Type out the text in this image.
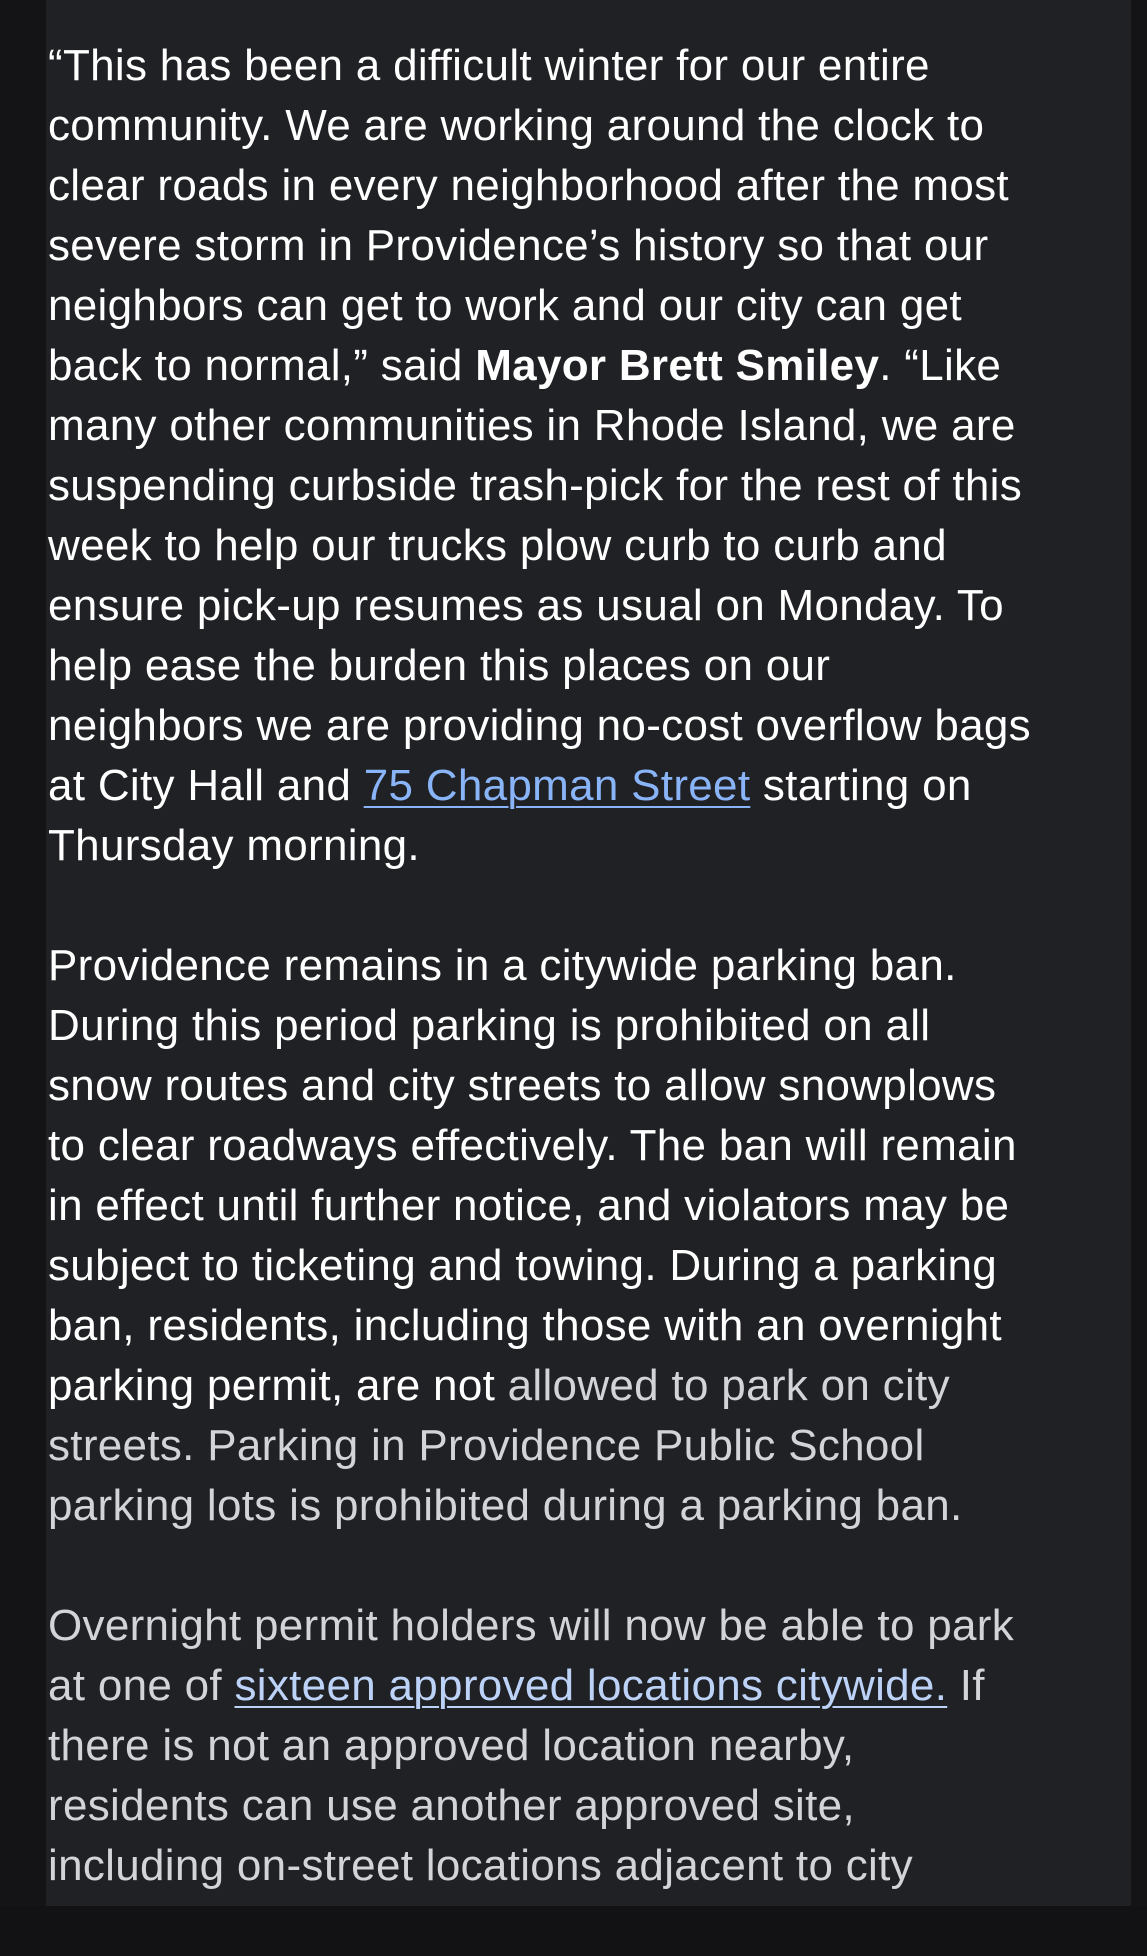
“This has been a difficult winter for our entire
community. We are working around the clock to
clear roads in every neighborhood after the most
severe storm in Providence’s history so that our
neighbors can get to work and our city can get
back to normal,” said Mayor Brett Smiley. “Like
many other communities in Rhode Island, we are
suspending curbside trash-pick for the rest of this
week to help our trucks plow curb to curb and
ensure pick-up resumes as usual on Monday. To
help ease the burden this places on our
neighbors we are providing no-cost overflow bags
at City Hall and 75 Chapman Street starting on
Thursday morning.

Providence remains in a citywide parking ban.
During this period parking is prohibited on all
snow routes and city streets to allow snowplows
to clear roadways effectively. The ban will remain
in effect until further notice, and violators may be
subject to ticketing and towing. During a parking
ban, residents, including those with an overnight
parking permit, are not allowed to park on city
streets. Parking in Providence Public School
parking lots is prohibited during a parking ban.

Overnight permit holders will now be able to park
at one of sixteen approved locations citywide. If
there is not an approved location nearby,
residents can use another approved site,
including on-street locations adjacent to city
